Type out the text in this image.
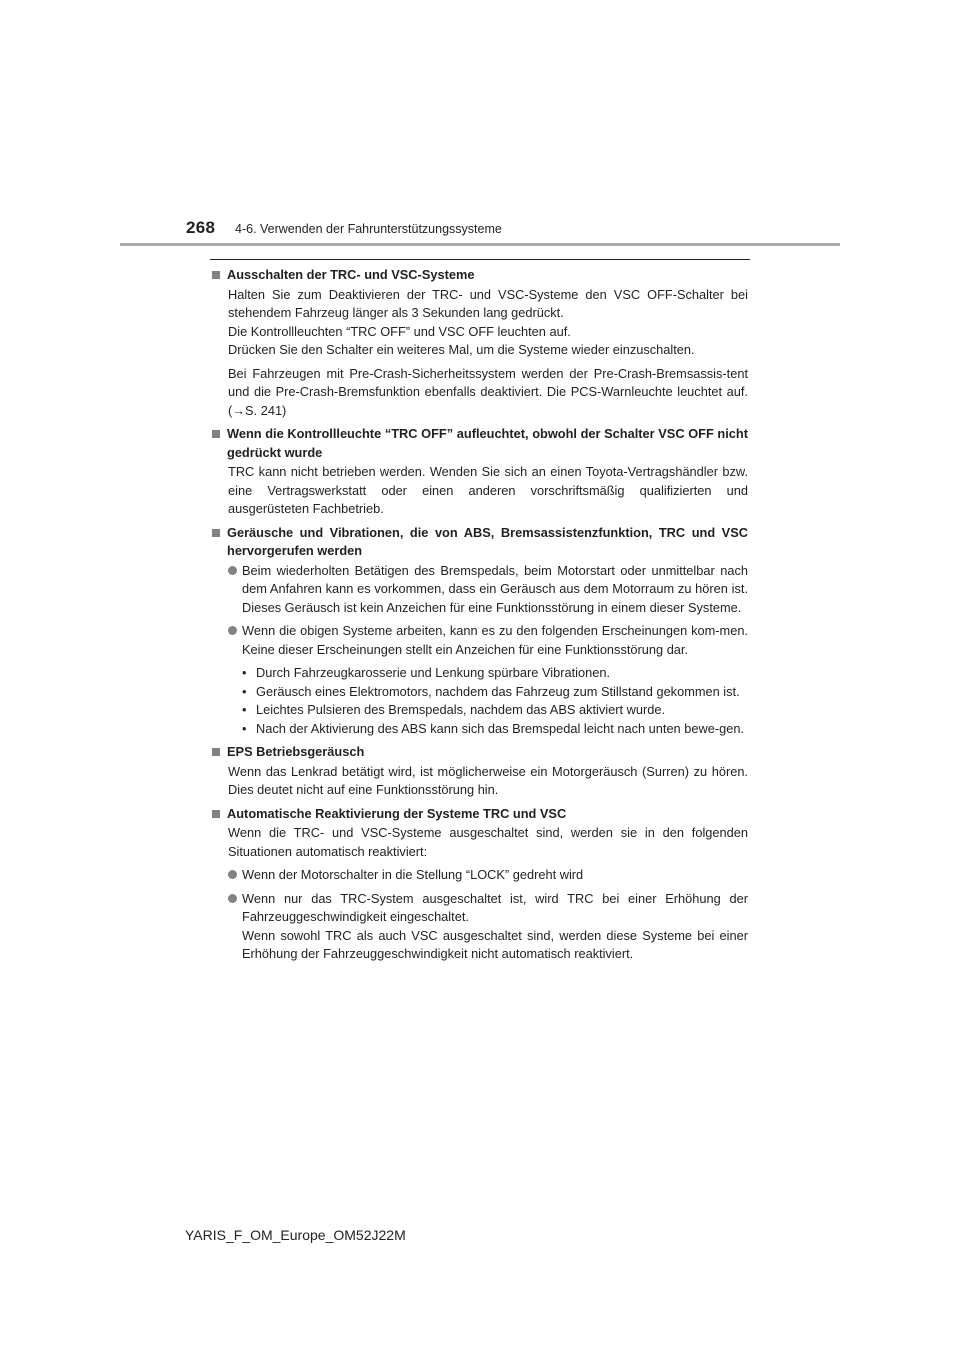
268 4-6. Verwenden der Fahrunterstützungssysteme
Ausschalten der TRC- und VSC-Systeme

Halten Sie zum Deaktivieren der TRC- und VSC-Systeme den VSC OFF-Schalter bei stehendem Fahrzeug länger als 3 Sekunden lang gedrückt.

Die Kontrollleuchten “TRC OFF” und VSC OFF leuchten auf.

Drücken Sie den Schalter ein weiteres Mal, um die Systeme wieder einzuschalten.

Bei Fahrzeugen mit Pre-Crash-Sicherheitssystem werden der Pre-Crash-Bremsassis-tent und die Pre-Crash-Bremsfunktion ebenfalls deaktiviert. Die PCS-Warnleuchte leuchtet auf. (→S. 241)
Wenn die Kontrollleuchte “TRC OFF” aufleuchtet, obwohl der Schalter VSC OFF nicht gedrückt wurde
TRC kann nicht betrieben werden. Wenden Sie sich an einen Toyota-Vertragshändler bzw. eine Vertragswerkstatt oder einen anderen vorschriftsmäßig qualifizierten und ausgerüsteten Fachbetrieb.
Geräusche und Vibrationen, die von ABS, Bremsassistenzfunktion, TRC und VSC hervorgerufen werden
Beim wiederholten Betätigen des Bremspedals, beim Motorstart oder unmittelbar nach dem Anfahren kann es vorkommen, dass ein Geräusch aus dem Motorraum zu hören ist. Dieses Geräusch ist kein Anzeichen für eine Funktionsstörung in einem dieser Systeme.
Wenn die obigen Systeme arbeiten, kann es zu den folgenden Erscheinungen kom-men. Keine dieser Erscheinungen stellt ein Anzeichen für eine Funktionsstörung dar.
• Durch Fahrzeugkarosserie und Lenkung spürbare Vibrationen.
• Geräusch eines Elektromotors, nachdem das Fahrzeug zum Stillstand gekommen ist.
• Leichtes Pulsieren des Bremspedals, nachdem das ABS aktiviert wurde.
• Nach der Aktivierung des ABS kann sich das Bremspedal leicht nach unten bewe-gen.
EPS Betriebsgeräusch
Wenn das Lenkrad betätigt wird, ist möglicherweise ein Motorgeräusch (Surren) zu hören. Dies deutet nicht auf eine Funktionsstörung hin.
Automatische Reaktivierung der Systeme TRC und VSC
Wenn die TRC- und VSC-Systeme ausgeschaltet sind, werden sie in den folgenden Situationen automatisch reaktiviert:
Wenn der Motorschalter in die Stellung “LOCK” gedreht wird

Wenn nur das TRC-System ausgeschaltet ist, wird TRC bei einer Erhöhung der Fahrzeuggeschwindigkeit eingeschaltet.

Wenn sowohl TRC als auch VSC ausgeschaltet sind, werden diese Systeme bei einer Erhöhung der Fahrzeuggeschwindigkeit nicht automatisch reaktiviert.

YARIS_F_OM_Europe_OM52J22M
